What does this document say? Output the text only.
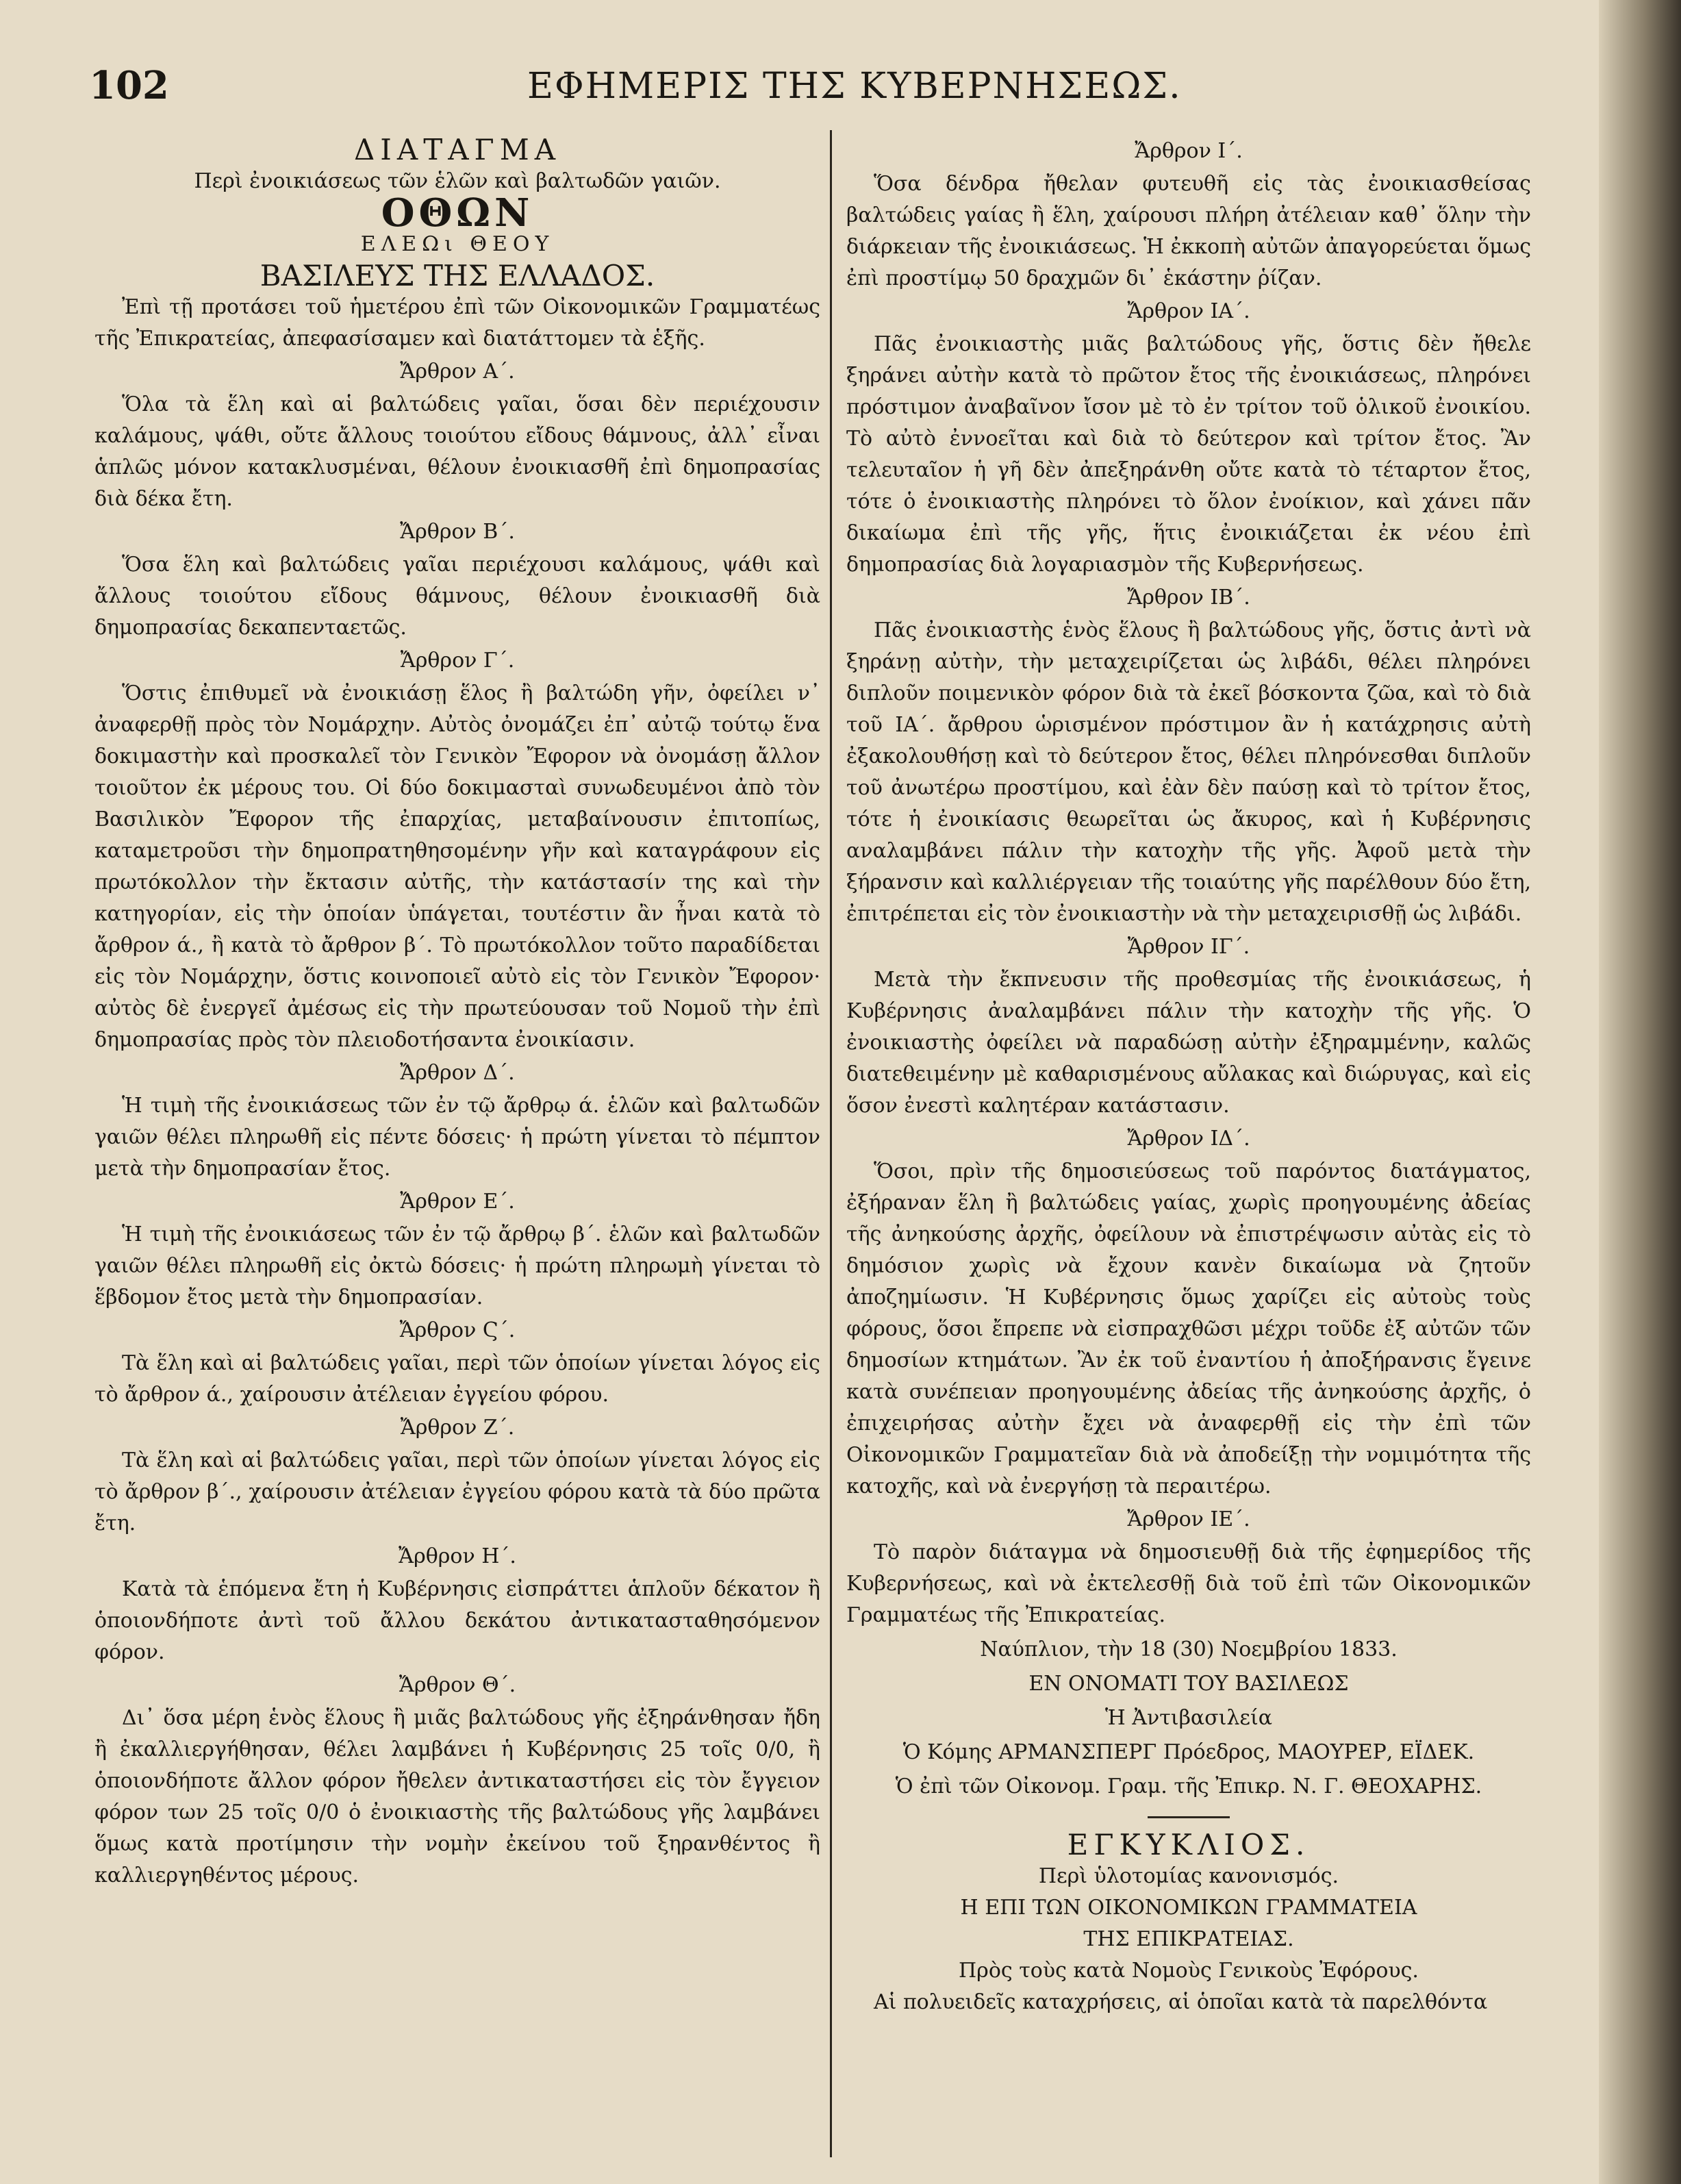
102	ΕΦΗΜΕΡΙΣ ΤΗΣ ΚΥΒΕΡΝΗΣΕΩΣ.
ΔΙΑΤΑΓΜΑ
Περὶ ἐνοικιάσεως τῶν ἑλῶν καὶ βαλτωδῶν γαιῶν.
ΟΘΩΝ
ΕΛΕΩι ΘΕΟΥ
ΒΑΣΙΛΕΥΣ ΤΗΣ ΕΛΛΑΔΟΣ.

Ἐπὶ τῇ προτάσει τοῦ ἡμετέρου ἐπὶ τῶν Οἰκονομικῶν Γραμματέως τῆς Ἐπικρατείας, ἀπεφασίσαμεν καὶ διατάττομεν τὰ ἑξῆς.

Ἄρθρον Α΄.

Ὅλα τὰ ἕλη καὶ αἱ βαλτώδεις γαῖαι, ὅσαι δὲν περιέχουσιν καλάμους, ψάθι, οὔτε ἄλλους τοιούτου εἴδους θάμνους, ἀλλ᾽ εἶναι ἁπλῶς μόνον κατακλυσμέναι, θέλουν ἐνοικιασθῆ ἐπὶ δημοπρασίας διὰ δέκα ἔτη.

Ἄρθρον Β΄.

Ὅσα ἕλη καὶ βαλτώδεις γαῖαι περιέχουσι καλάμους, ψάθι καὶ ἄλλους τοιούτου εἴδους θάμνους, θέλουν ἐνοικιασθῆ διὰ δημοπρασίας δεκαπενταετῶς.

Ἄρθρον Γ΄.

Ὅστις ἐπιθυμεῖ νὰ ἐνοικιάσῃ ἕλος ἢ βαλτώδη γῆν, ὀφείλει ν᾽ ἀναφερθῇ πρὸς τὸν Νομάρχην. Αὐτὸς ὀνομάζει ἐπ᾽ αὐτῷ τούτῳ ἕνα δοκιμαστὴν καὶ προσκαλεῖ τὸν Γενικὸν Ἔφορον νὰ ὀνομάσῃ ἄλλον τοιοῦτον ἐκ μέρους του. Οἱ δύο δοκιμασταὶ συνωδευμένοι ἀπὸ τὸν Βασιλικὸν Ἔφορον τῆς ἐπαρχίας, μεταβαίνουσιν ἐπιτοπίως, καταμετροῦσι τὴν δημοπρατηθησομένην γῆν καὶ καταγράφουν εἰς πρωτόκολλον τὴν ἔκτασιν αὐτῆς, τὴν κατάστασίν της καὶ τὴν κατηγορίαν, εἰς τὴν ὁποίαν ὑπάγεται, τουτέστιν ἂν ἦναι κατὰ τὸ ἄρθρον ά., ἢ κατὰ τὸ ἄρθρον β΄. Τὸ πρωτόκολλον τοῦτο παραδίδεται εἰς τὸν Νομάρχην, ὅστις κοινοποιεῖ αὐτὸ εἰς τὸν Γενικὸν Ἔφορον· αὐτὸς δὲ ἐνεργεῖ ἀμέσως εἰς τὴν πρωτεύουσαν τοῦ Νομοῦ τὴν ἐπὶ δημοπρασίας πρὸς τὸν πλειοδοτήσαντα ἐνοικίασιν.

Ἄρθρον Δ΄.

Ἡ τιμὴ τῆς ἐνοικιάσεως τῶν ἐν τῷ ἄρθρῳ ά. ἑλῶν καὶ βαλτωδῶν γαιῶν θέλει πληρωθῆ εἰς πέντε δόσεις· ἡ πρώτη γίνεται τὸ πέμπτον μετὰ τὴν δημοπρασίαν ἔτος.

Ἄρθρον Ε΄.

Ἡ τιμὴ τῆς ἐνοικιάσεως τῶν ἐν τῷ ἄρθρῳ β΄. ἑλῶν καὶ βαλτωδῶν γαιῶν θέλει πληρωθῆ εἰς ὀκτὼ δόσεις· ἡ πρώτη πληρωμὴ γίνεται τὸ ἕβδομον ἔτος μετὰ τὴν δημοπρασίαν.

Ἄρθρον Ϛ΄.

Τὰ ἕλη καὶ αἱ βαλτώδεις γαῖαι, περὶ τῶν ὁποίων γίνεται λόγος εἰς τὸ ἄρθρον ά., χαίρουσιν ἀτέλειαν ἐγγείου φόρου.

Ἄρθρον Ζ΄.

Τὰ ἕλη καὶ αἱ βαλτώδεις γαῖαι, περὶ τῶν ὁποίων γίνεται λόγος εἰς τὸ ἄρθρον β΄., χαίρουσιν ἀτέλειαν ἐγγείου φόρου κατὰ τὰ δύο πρῶτα ἔτη.

Ἄρθρον Η΄.

Κατὰ τὰ ἑπόμενα ἔτη ἡ Κυβέρνησις εἰσπράττει ἁπλοῦν δέκατον ἢ ὁποιονδήποτε ἀντὶ τοῦ ἄλλου δεκάτου ἀντικατασταθησόμενον φόρον.

Ἄρθρον Θ΄.

Δι᾽ ὅσα μέρη ἑνὸς ἕλους ἢ μιᾶς βαλτώδους γῆς ἐξηράνθησαν ἤδη ἢ ἐκαλλιεργήθησαν, θέλει λαμβάνει ἡ Κυβέρνησις 25 τοῖς 0/0, ἢ ὁποιονδήποτε ἄλλον φόρον ἤθελεν ἀντικαταστήσει εἰς τὸν ἔγγειον φόρον των 25 τοῖς 0/0 ὁ ἐνοικιαστὴς τῆς βαλτώδους γῆς λαμβάνει ὅμως κατὰ προτίμησιν τὴν νομὴν ἐκείνου τοῦ ξηρανθέντος ἢ καλλιεργηθέντος μέρους.

Ἄρθρον Ι΄.

Ὅσα δένδρα ἤθελαν φυτευθῆ εἰς τὰς ἐνοικιασθείσας βαλτώδεις γαίας ἢ ἕλη, χαίρουσι πλήρη ἀτέλειαν καθ᾽ ὅλην τὴν διάρκειαν τῆς ἐνοικιάσεως. Ἡ ἐκκοπὴ αὐτῶν ἀπαγορεύεται ὅμως ἐπὶ προστίμῳ 50 δραχμῶν δι᾽ ἑκάστην ῥίζαν.

Ἄρθρον ΙΑ΄.

Πᾶς ἐνοικιαστὴς μιᾶς βαλτώδους γῆς, ὅστις δὲν ἤθελε ξηράνει αὐτὴν κατὰ τὸ πρῶτον ἔτος τῆς ἐνοικιάσεως, πληρόνει πρόστιμον ἀναβαῖνον ἴσον μὲ τὸ ἐν τρίτον τοῦ ὁλικοῦ ἐνοικίου. Τὸ αὐτὸ ἐννοεῖται καὶ διὰ τὸ δεύτερον καὶ τρίτον ἔτος. Ἂν τελευταῖον ἡ γῆ δὲν ἀπεξηράνθη οὔτε κατὰ τὸ τέταρτον ἔτος, τότε ὁ ἐνοικιαστὴς πληρόνει τὸ ὅλον ἐνοίκιον, καὶ χάνει πᾶν δικαίωμα ἐπὶ τῆς γῆς, ἥτις ἐνοικιάζεται ἐκ νέου ἐπὶ δημοπρασίας διὰ λογαριασμὸν τῆς Κυβερνήσεως.

Ἄρθρον ΙΒ΄.

Πᾶς ἐνοικιαστὴς ἑνὸς ἕλους ἢ βαλτώδους γῆς, ὅστις ἀντὶ νὰ ξηράνῃ αὐτὴν, τὴν μεταχειρίζεται ὡς λιβάδι, θέλει πληρόνει διπλοῦν ποιμενικὸν φόρον διὰ τὰ ἐκεῖ βόσκοντα ζῶα, καὶ τὸ διὰ τοῦ ΙΑ΄. ἄρθρου ὡρισμένον πρόστιμον ἂν ἡ κατάχρησις αὐτὴ ἐξακολουθήσῃ καὶ τὸ δεύτερον ἔτος, θέλει πληρόνεσθαι διπλοῦν τοῦ ἀνωτέρω προστίμου, καὶ ἐὰν δὲν παύσῃ καὶ τὸ τρίτον ἔτος, τότε ἡ ἐνοικίασις θεωρεῖται ὡς ἄκυρος, καὶ ἡ Κυβέρνησις αναλαμβάνει πάλιν τὴν κατοχὴν τῆς γῆς. Ἀφοῦ μετὰ τὴν ξήρανσιν καὶ καλλιέργειαν τῆς τοιαύτης γῆς παρέλθουν δύο ἔτη, ἐπιτρέπεται εἰς τὸν ἐνοικιαστὴν νὰ τὴν μεταχειρισθῇ ὡς λιβάδι.

Ἄρθρον ΙΓ΄.

Μετὰ τὴν ἔκπνευσιν τῆς προθεσμίας τῆς ἐνοικιάσεως, ἡ Κυβέρνησις ἀναλαμβάνει πάλιν τὴν κατοχὴν τῆς γῆς. Ὁ ἐνοικιαστὴς ὀφείλει νὰ παραδώσῃ αὐτὴν ἐξηραμμένην, καλῶς διατεθειμένην μὲ καθαρισμένους αὔλακας καὶ διώρυγας, καὶ εἰς ὅσον ἐνεστὶ καλητέραν κατάστασιν.

Ἄρθρον ΙΔ΄.

Ὅσοι, πρὶν τῆς δημοσιεύσεως τοῦ παρόντος διατάγματος, ἐξήραναν ἕλη ἢ βαλτώδεις γαίας, χωρὶς προηγουμένης ἀδείας τῆς ἀνηκούσης ἀρχῆς, ὀφείλουν νὰ ἐπιστρέψωσιν αὐτὰς εἰς τὸ δημόσιον χωρὶς νὰ ἔχουν κανὲν δικαίωμα νὰ ζητοῦν ἀποζημίωσιν. Ἡ Κυβέρνησις ὅμως χαρίζει εἰς αὐτοὺς τοὺς φόρους, ὅσοι ἔπρεπε νὰ εἰσπραχθῶσι μέχρι τοῦδε ἐξ αὐτῶν τῶν δημοσίων κτημάτων. Ἂν ἐκ τοῦ ἐναντίου ἡ ἀποξήρανσις ἔγεινε κατὰ συνέπειαν προηγουμένης ἀδείας τῆς ἀνηκούσης ἀρχῆς, ὁ ἐπιχειρήσας αὐτὴν ἔχει νὰ ἀναφερθῇ εἰς τὴν ἐπὶ τῶν Οἰκονομικῶν Γραμματεῖαν διὰ νὰ ἀποδείξῃ τὴν νομιμότητα τῆς κατοχῆς, καὶ νὰ ἐνεργήσῃ τὰ περαιτέρω.

Ἄρθρον ΙΕ΄.

Τὸ παρὸν διάταγμα νὰ δημοσιευθῇ διὰ τῆς ἐφημερίδος τῆς Κυβερνήσεως, καὶ νὰ ἐκτελεσθῇ διὰ τοῦ ἐπὶ τῶν Οἰκονομικῶν Γραμματέως τῆς Ἐπικρατείας.

Ναύπλιον, τὴν 18 (30) Νοεμβρίου 1833.
ΕΝ ΟΝΟΜΑΤΙ ΤΟΥ ΒΑΣΙΛΕΩΣ
Ἡ Ἀντιβασιλεία
Ὁ Κόμης ΑΡΜΑΝΣΠΕΡΓ Πρόεδρος, ΜΑΟΥΡΕΡ, ΕΪΔΕΚ.
Ὁ ἐπὶ τῶν Οἰκονομ. Γραμ. τῆς Ἐπικρ. Ν. Γ. ΘΕΟΧΑΡΗΣ.
ΕΓΚΥΚΛΙΟΣ.
Περὶ ὑλοτομίας κανονισμός.
Η ΕΠΙ ΤΩΝ ΟΙΚΟΝΟΜΙΚΩΝ ΓΡΑΜΜΑΤΕΙΑ
ΤΗΣ ΕΠΙΚΡΑΤΕΙΑΣ.
Πρὸς τοὺς κατὰ Νομοὺς Γενικοὺς Ἐφόρους.

Αἱ πολυειδεῖς καταχρήσεις, αἱ ὁποῖαι κατὰ τὰ παρελθόντα
